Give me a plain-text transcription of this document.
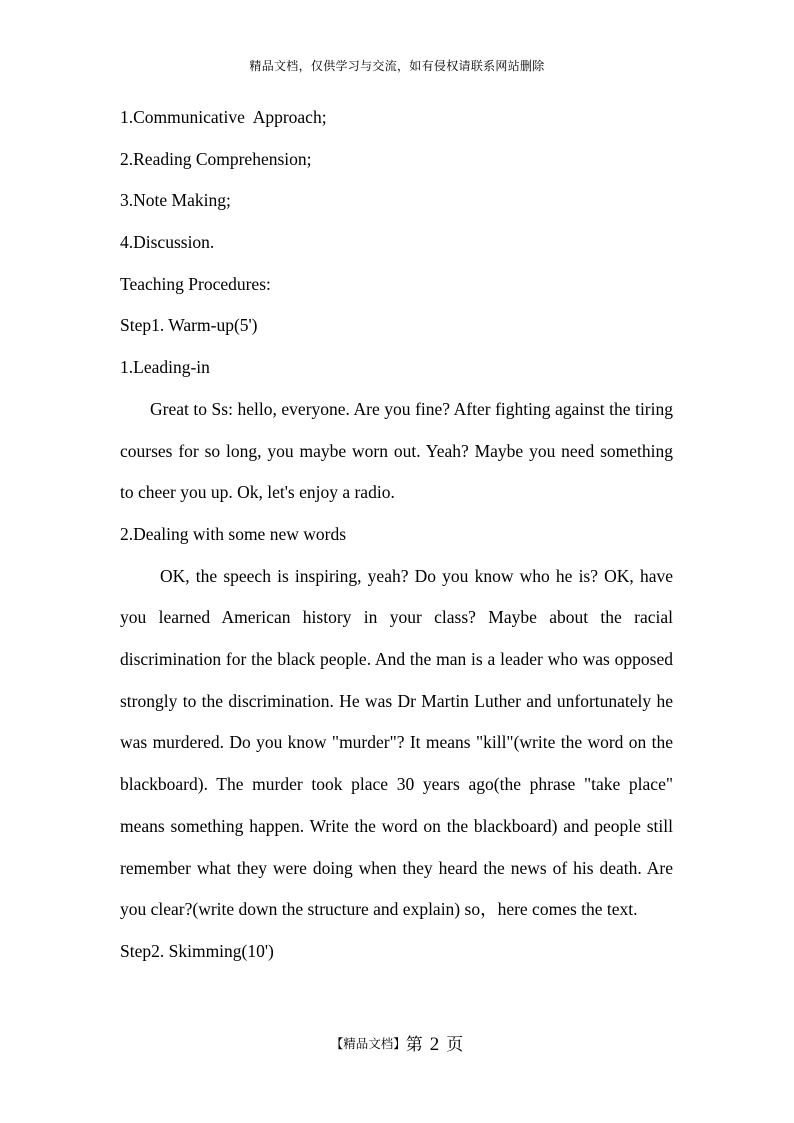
精品文档，仅供学习与交流，如有侵权请联系网站删除
1.Communicative  Approach;
2.Reading Comprehension;
3.Note Making;
4.Discussion.
Teaching Procedures:
Step1. Warm-up(5')
1.Leading-in
Great to Ss: hello, everyone. Are you fine? After fighting against the tiring courses for so long, you maybe worn out. Yeah? Maybe you need something to cheer you up. Ok, let's enjoy a radio.
2.Dealing with some new words
OK, the speech is inspiring, yeah? Do you know who he is? OK, have you learned American history in your class? Maybe about the racial discrimination for the black people. And the man is a leader who was opposed strongly to the discrimination. He was Dr Martin Luther and unfortunately he was murdered. Do you know "murder"? It means "kill"(write the word on the blackboard). The murder took place 30 years ago(the phrase "take place" means something happen. Write the word on the blackboard) and people still remember what they were doing when they heard the news of his death. Are you clear?(write down the structure and explain) so，here comes the text.
Step2. Skimming(10')
【精品文档】第 2 页
